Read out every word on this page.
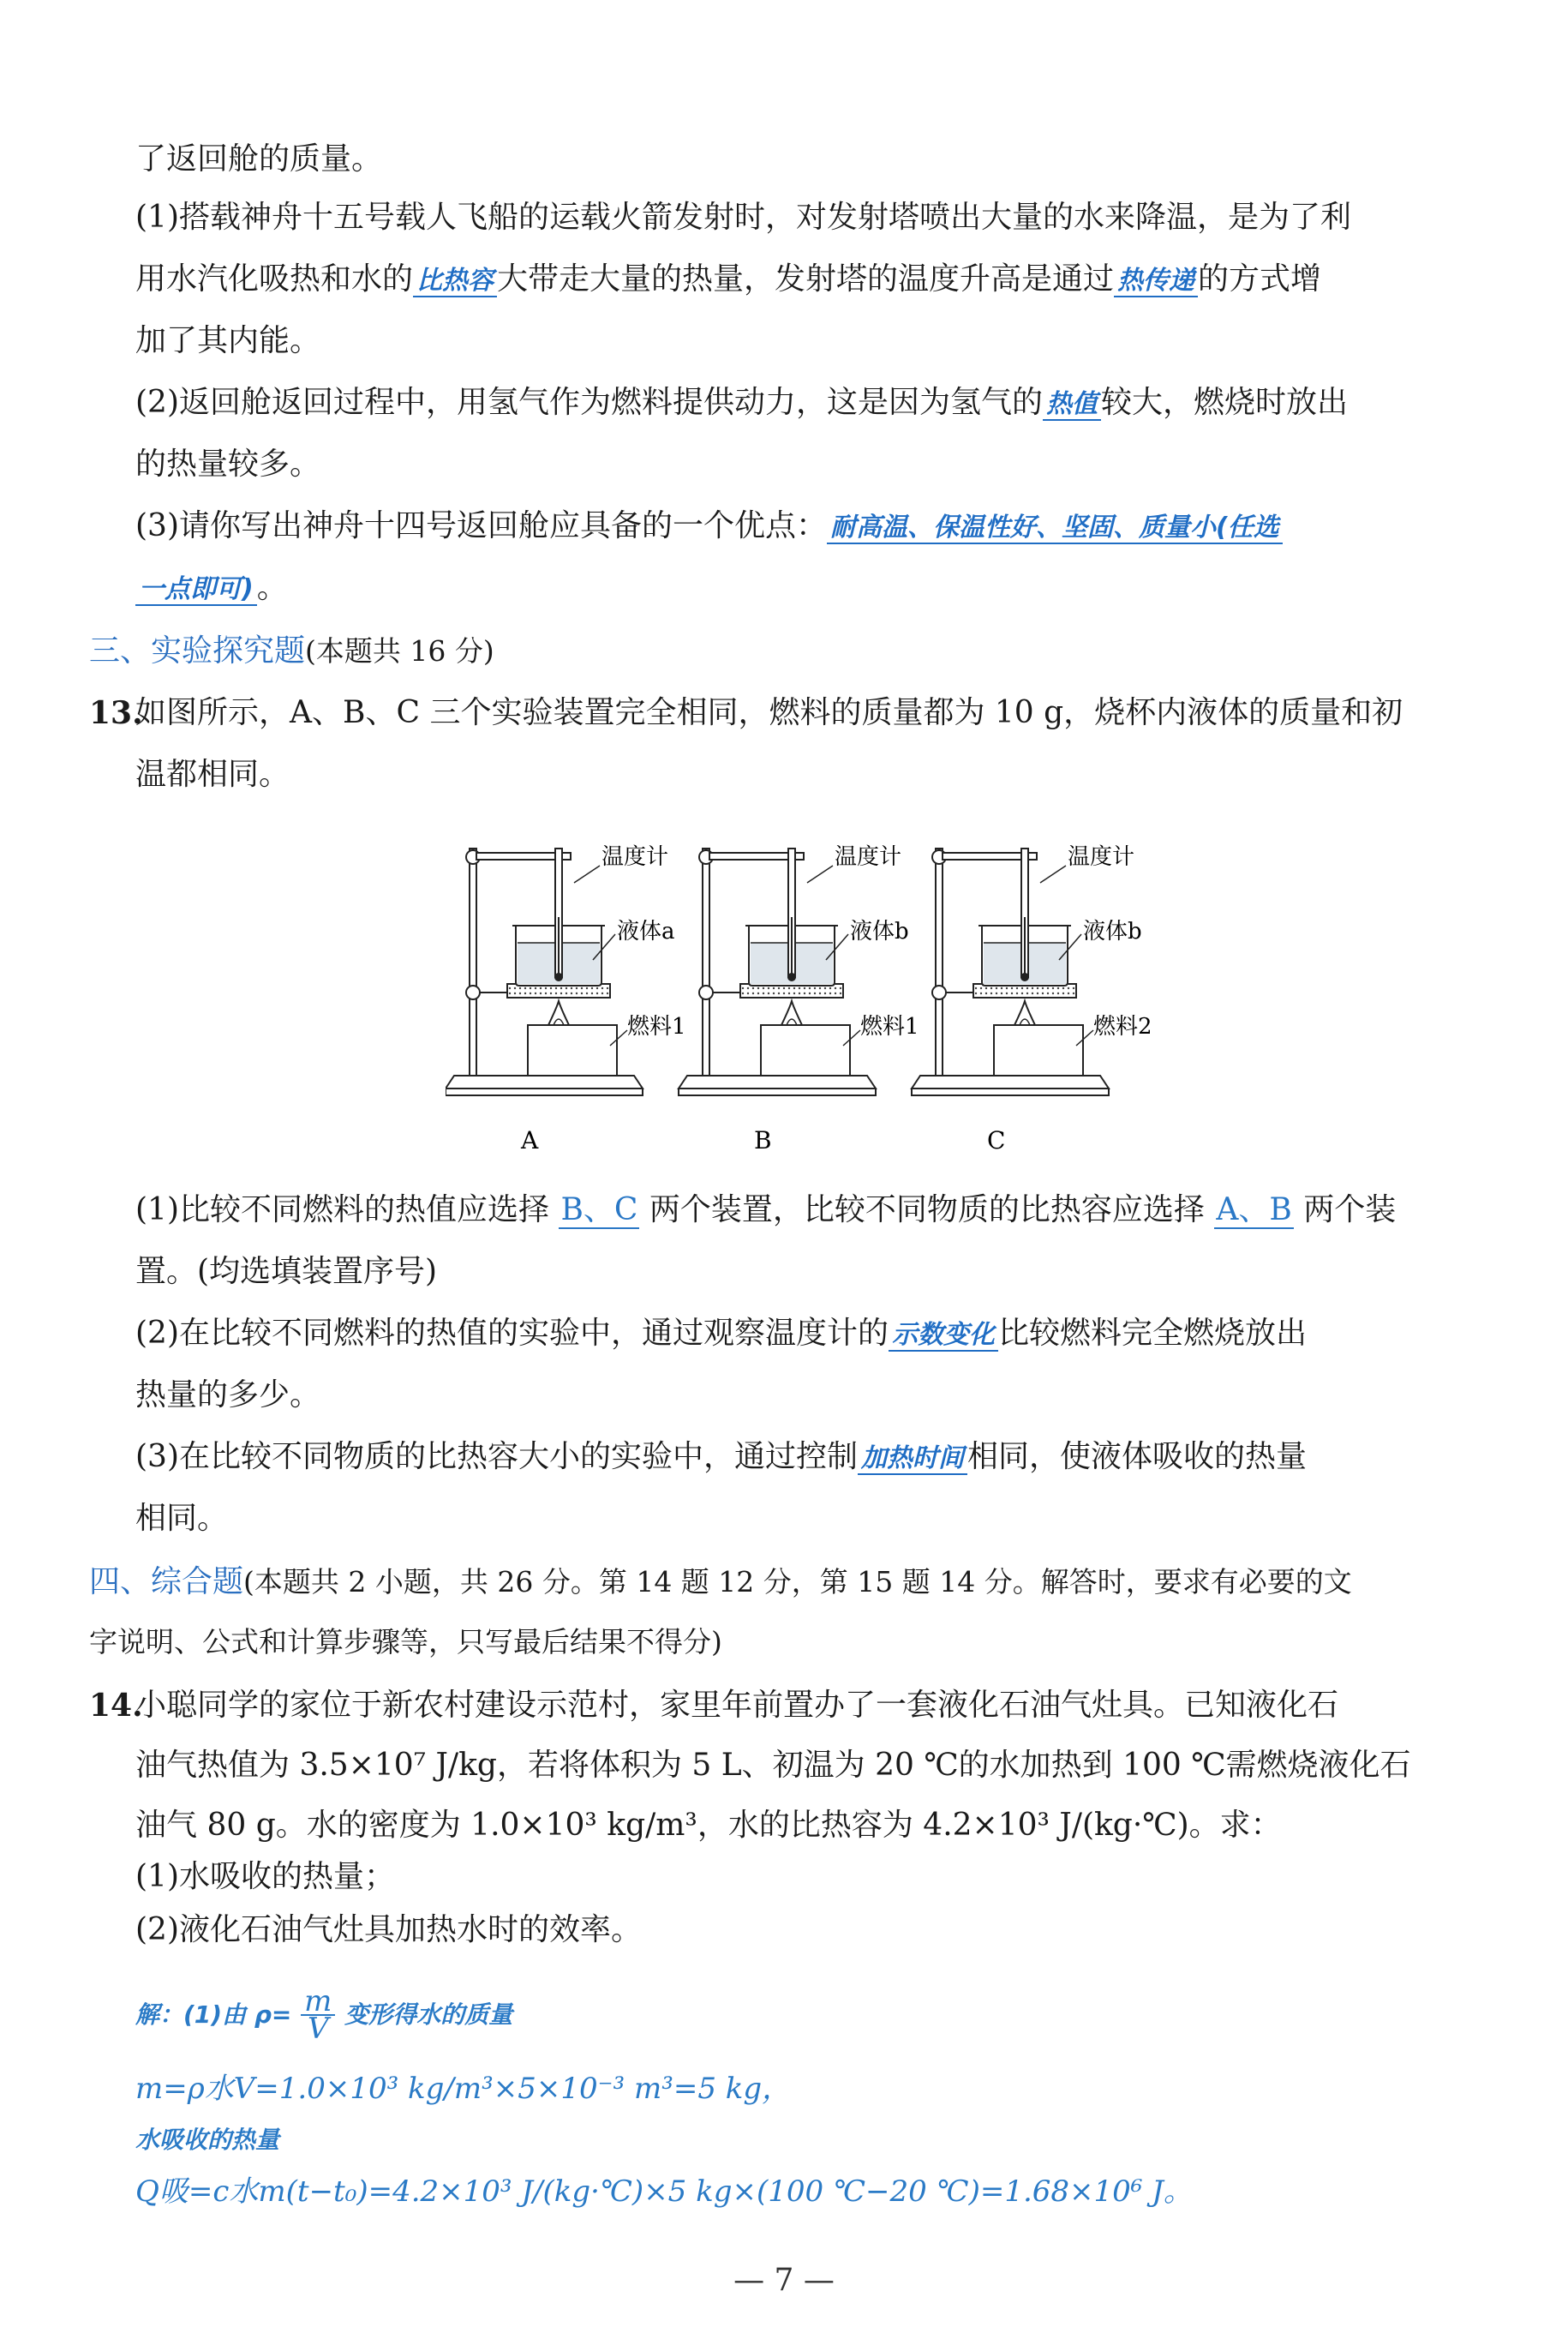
了返回舱的质量。
(1)搭载神舟十五号载人飞船的运载火箭发射时，对发射塔喷出大量的水来降温，是为了利
用水汽化吸热和水的 比热容 大带走大量的热量，发射塔的温度升高是通过 热传递 的方式增
加了其内能。
(2)返回舱返回过程中，用氢气作为燃料提供动力，这是因为氢气的 热值 较大，燃烧时放出
的热量较多。
(3)请你写出神舟十四号返回舱应具备的一个优点： 耐高温、保温性好、坚固、质量小(任选
一点即可) 。
三、实验探究题(本题共 16 分)
13.
如图所示，A、B、C 三个实验装置完全相同，燃料的质量都为 10 g，烧杯内液体的质量和初
温都相同。
温度计
液体a
燃料1
A
温度计
液体b
燃料1
B
温度计
液体b
燃料2
C
(1)比较不同燃料的热值应选择 B、C 两个装置，比较不同物质的比热容应选择 A、B 两个装
置。(均选填装置序号)
(2)在比较不同燃料的热值的实验中，通过观察温度计的 示数变化 比较燃料完全燃烧放出
热量的多少。
(3)在比较不同物质的比热容大小的实验中，通过控制 加热时间 相同，使液体吸收的热量
相同。
四、综合题(本题共 2 小题，共 26 分。第 14 题 12 分，第 15 题 14 分。解答时，要求有必要的文
字说明、公式和计算步骤等，只写最后结果不得分)
14.
小聪同学的家位于新农村建设示范村，家里年前置办了一套液化石油气灶具。已知液化石
油气热值为 3.5×10⁷ J/kg，若将体积为 5 L、初温为 20 ℃的水加热到 100 ℃需燃烧液化石
油气 80 g。水的密度为 1.0×10³ kg/m³，水的比热容为 4.2×10³ J/(kg·℃)。求：
(1)水吸收的热量；
(2)液化石油气灶具加热水时的效率。
解：(1)由 $\rho= \frac{m}{V}$ 变形得水的质量
m=ρ水V=1.0×10³ kg/m³×5×10⁻³ m³=5 kg，
水吸收的热量
Q吸=c水m(t−t₀)=4.2×10³ J/(kg·℃)×5 kg×(100 ℃−20 ℃)=1.68×10⁶ J。
— 7 —
